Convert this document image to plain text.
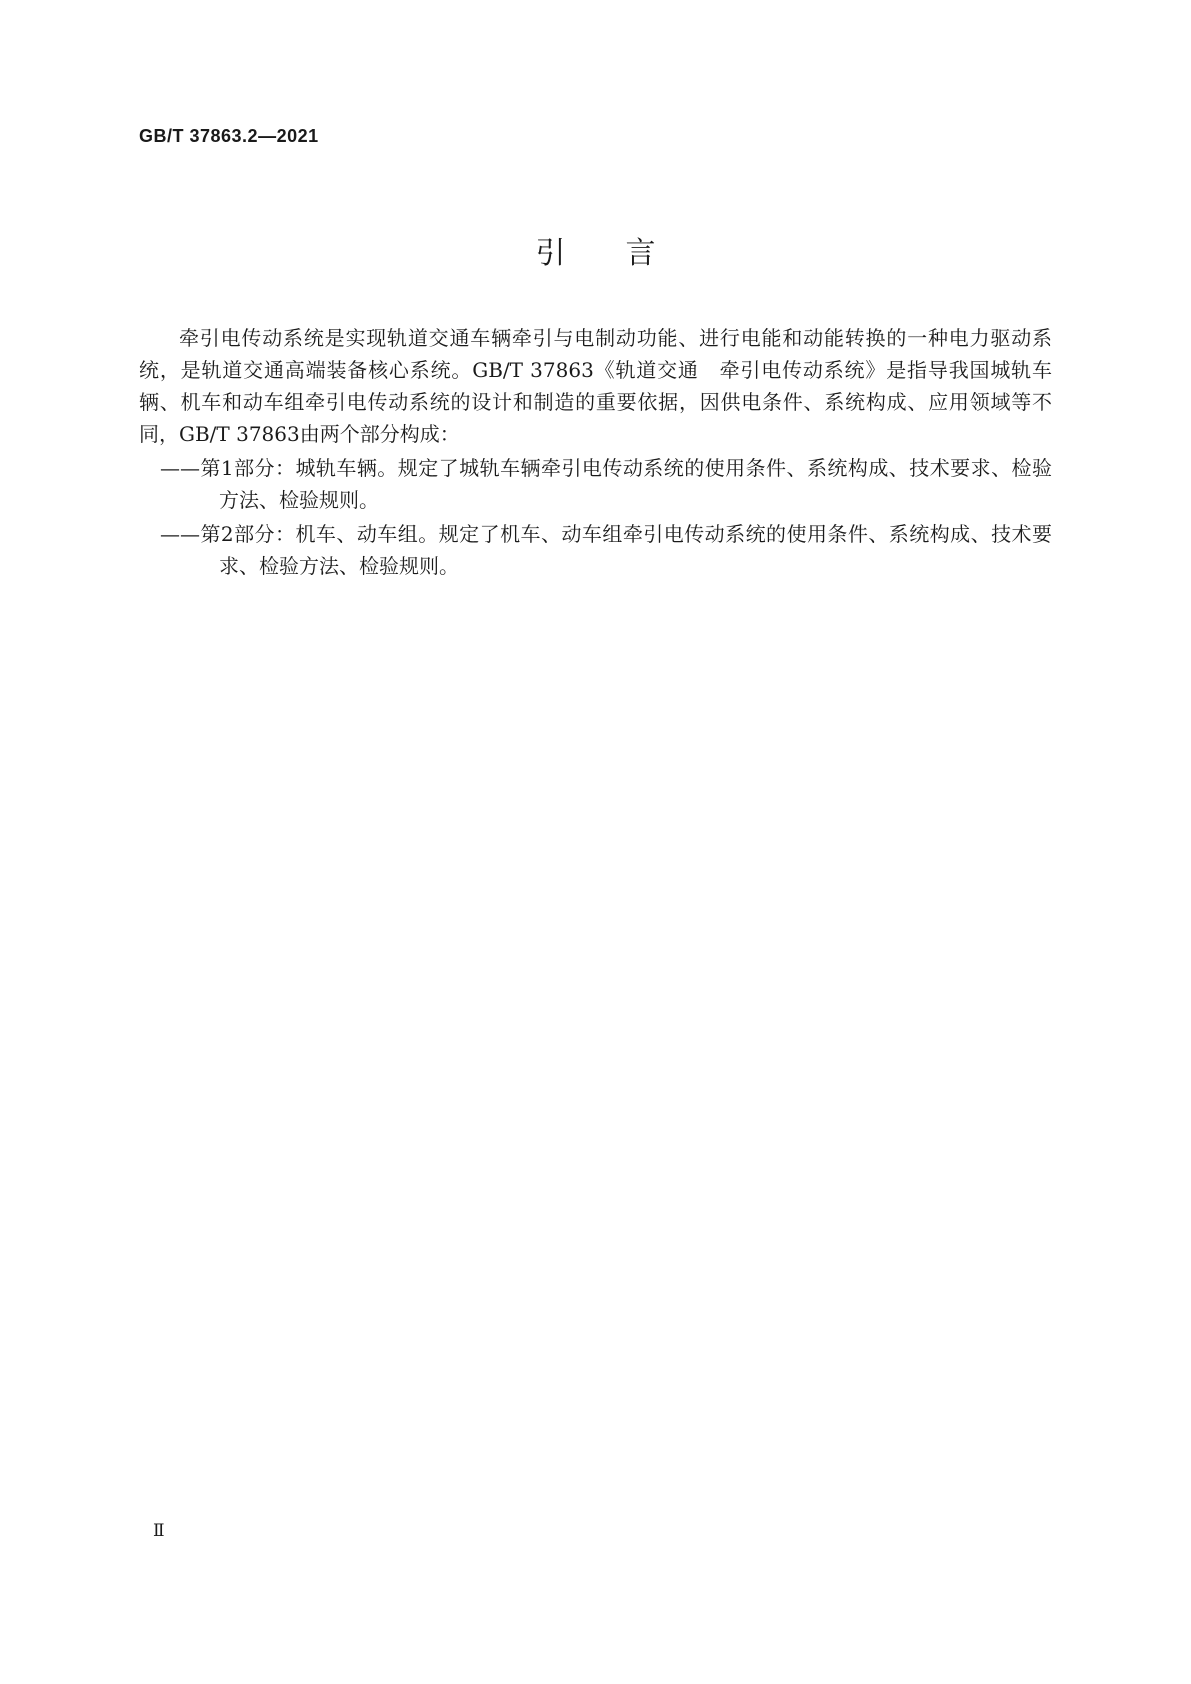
GB/T 37863.2—2021
引言

牵引电传动系统是实现轨道交通车辆牵引与电制动功能、进行电能和动能转换的一种电力驱动系统，是轨道交通高端装备核心系统。GB/T 37863《轨道交通　牵引电传动系统》是指导我国城轨车辆、机车和动车组牵引电传动系统的设计和制造的重要依据，因供电条件、系统构成、应用领域等不同，GB/T 37863由两个部分构成：

——第1部分：城轨车辆。规定了城轨车辆牵引电传动系统的使用条件、系统构成、技术要求、检验方法、检验规则。

——第2部分：机车、动车组。规定了机车、动车组牵引电传动系统的使用条件、系统构成、技术要求、检验方法、检验规则。

Ⅱ
